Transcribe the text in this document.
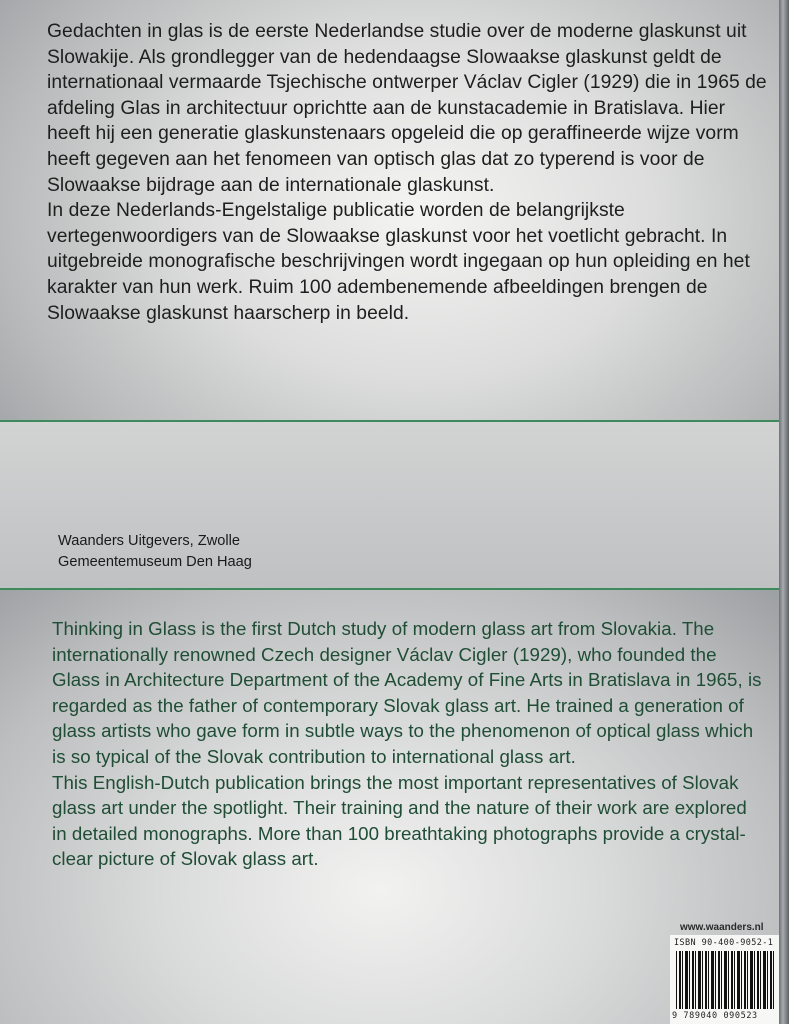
Gedachten in glas is de eerste Nederlandse studie over de moderne glaskunst uit Slowakije. Als grondlegger van de hedendaagse Slowaakse glaskunst geldt de internationaal vermaarde Tsjechische ontwerper Václav Cigler (1929) die in 1965 de afdeling Glas in architectuur oprichtte aan de kunstacademie in Bratislava. Hier heeft hij een generatie glaskunstenaars opgeleid die op geraffineerde wijze vorm heeft gegeven aan het fenomeen van optisch glas dat zo typerend is voor de Slowaakse bijdrage aan de internationale glaskunst.

In deze Nederlands-Engelstalige publicatie worden de belangrijkste vertegenwoordigers van de Slowaakse glaskunst voor het voetlicht gebracht. In uitgebreide monografische beschrijvingen wordt ingegaan op hun opleiding en het karakter van hun werk. Ruim 100 adembenemende afbeeldingen brengen de Slowaakse glaskunst haarscherp in beeld.

Waanders Uitgevers, Zwolle
Gemeentemuseum Den Haag

Thinking in Glass is the first Dutch study of modern glass art from Slovakia. The internationally renowned Czech designer Václav Cigler (1929), who founded the Glass in Architecture Department of the Academy of Fine Arts in Bratislava in 1965, is regarded as the father of contemporary Slovak glass art. He trained a generation of glass artists who gave form in subtle ways to the phenomenon of optical glass which is so typical of the Slovak contribution to international glass art.

This English-Dutch publication brings the most important representatives of Slovak glass art under the spotlight. Their training and the nature of their work are explored in detailed monographs. More than 100 breathtaking photographs provide a crystal-clear picture of Slovak glass art.

www.waanders.nl
ISBN 90-400-9052-1
9 789040 090523
